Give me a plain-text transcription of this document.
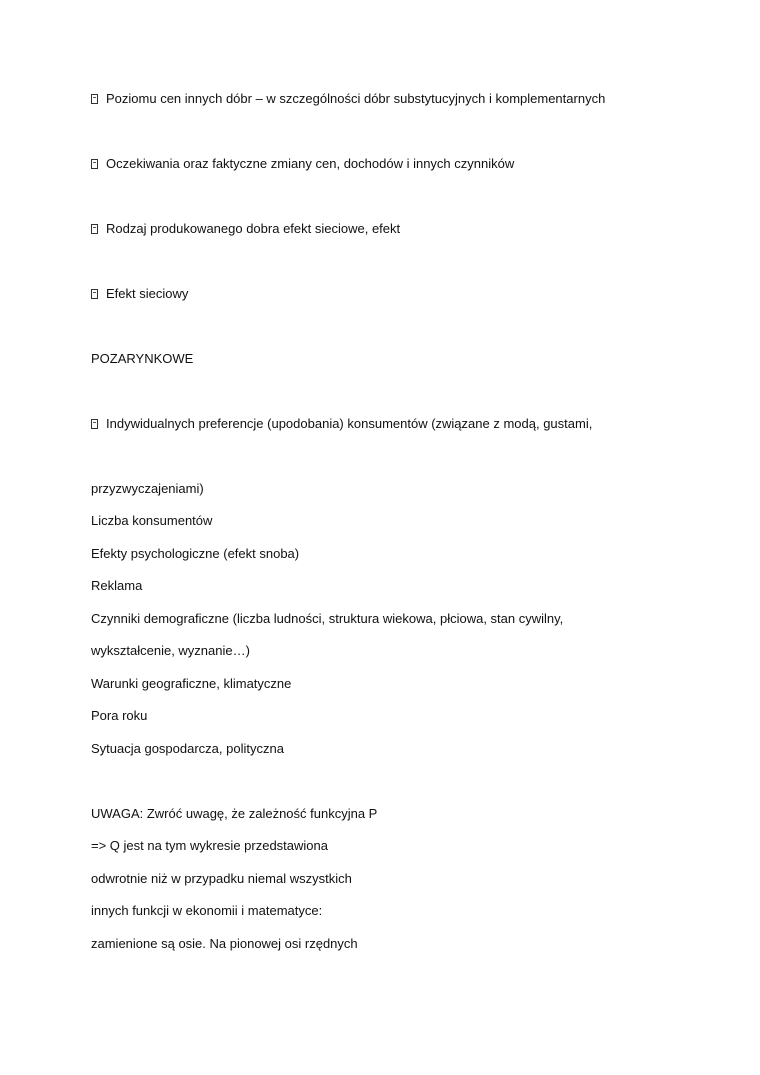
Poziomu cen innych dóbr – w szczególności dóbr substytucyjnych i komplementarnych
Oczekiwania oraz faktyczne zmiany cen, dochodów i innych czynników
Rodzaj produkowanego dobra efekt sieciowe, efekt
Efekt sieciowy
POZARYNKOWE
Indywidualnych preferencje (upodobania) konsumentów (związane z modą, gustami,
przyzwyczajeniami)
Liczba konsumentów
Efekty psychologiczne (efekt snoba)
Reklama
Czynniki demograficzne (liczba ludności, struktura wiekowa, płciowa, stan cywilny,
wykształcenie, wyznanie…)
Warunki geograficzne, klimatyczne
Pora roku
Sytuacja gospodarcza, polityczna
UWAGA: Zwróć uwagę, że zależność funkcyjna P
=> Q jest na tym wykresie przedstawiona
odwrotnie niż w przypadku niemal wszystkich
innych funkcji w ekonomii i matematyce:
zamienione są osie. Na pionowej osi rzędnych
